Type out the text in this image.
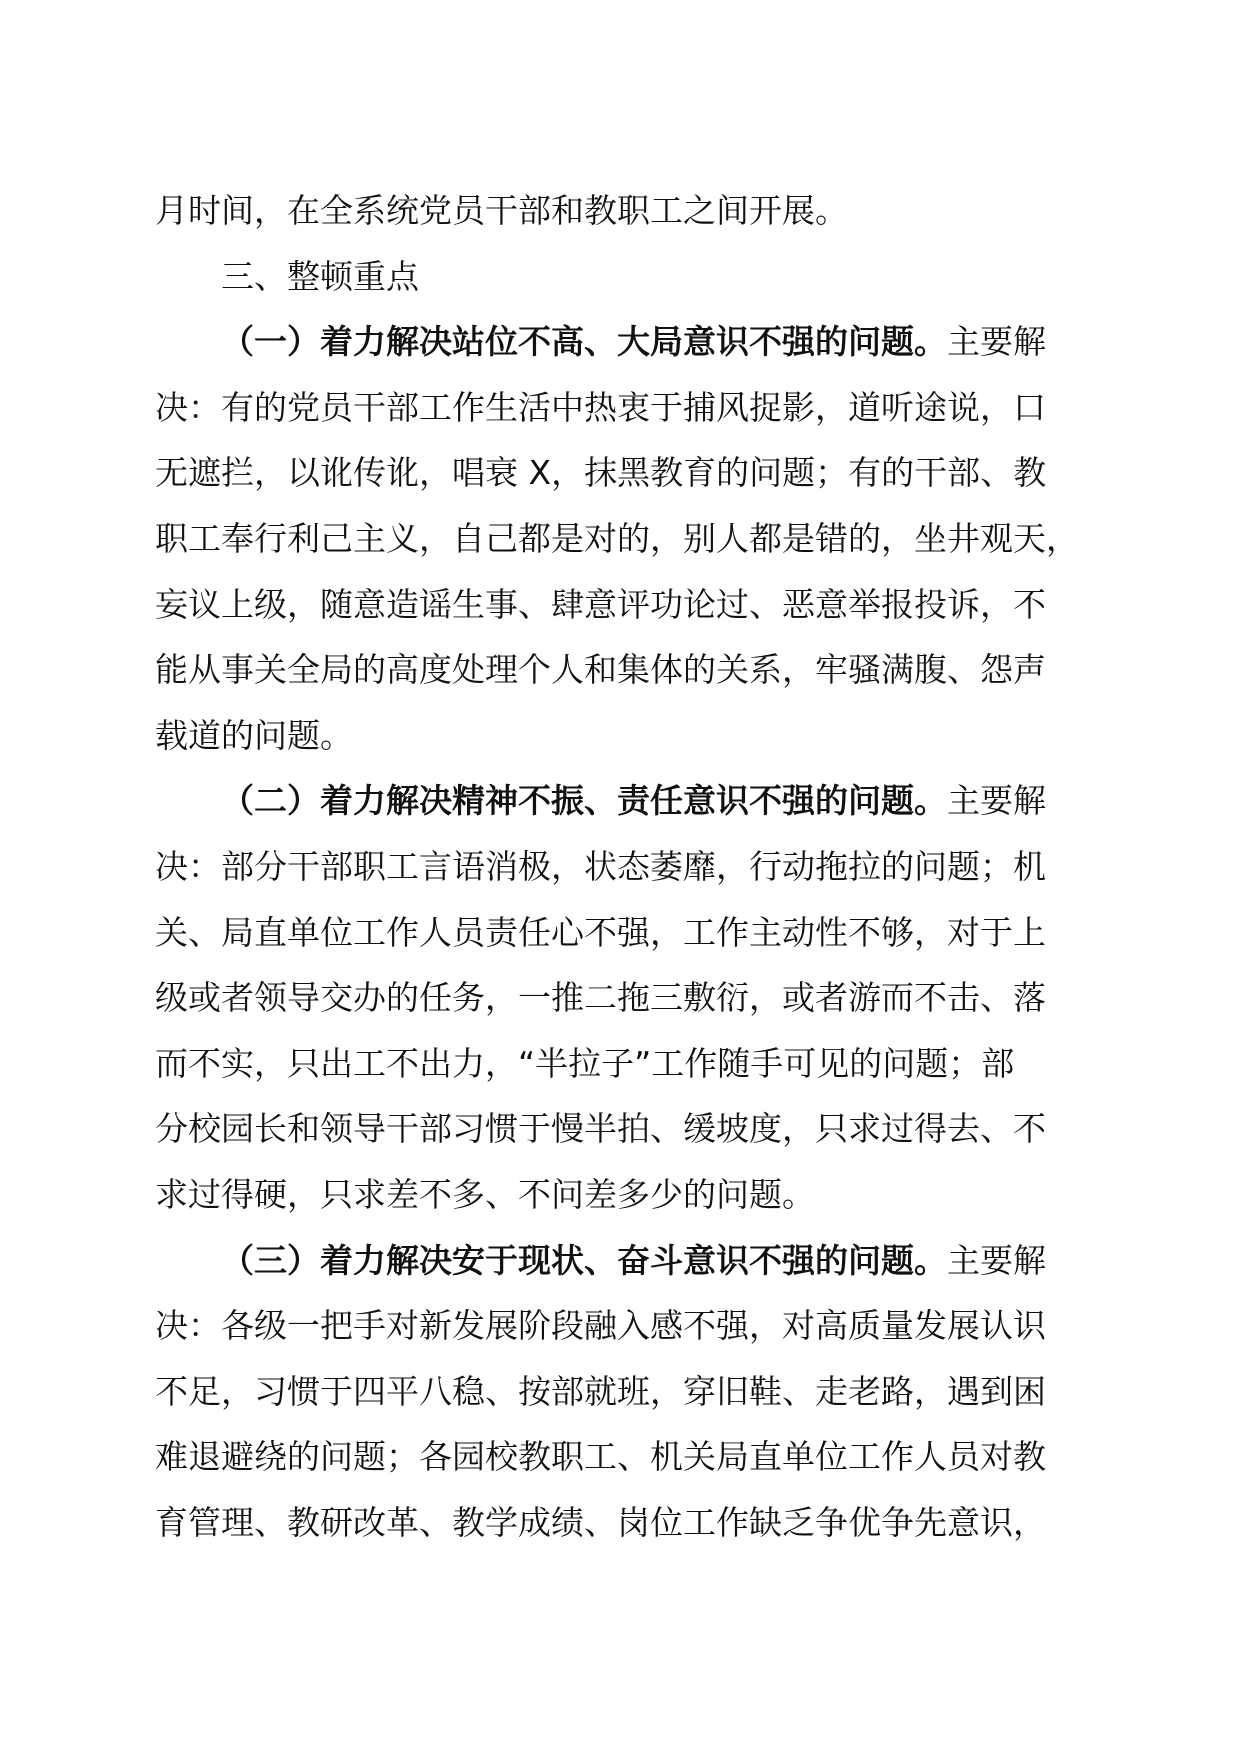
月时间，在全系统党员干部和教职工之间开展。
三、整顿重点
（一）着力解决站位不高、大局意识不强的问题。主要解
决：有的党员干部工作生活中热衷于捕风捉影，道听途说，口
无遮拦，以讹传讹，唱衰 X，抹黑教育的问题；有的干部、教
职工奉行利己主义，自己都是对的，别人都是错的，坐井观天，
妄议上级，随意造谣生事、肆意评功论过、恶意举报投诉，不
能从事关全局的高度处理个人和集体的关系，牢骚满腹、怨声
载道的问题。
（二）着力解决精神不振、责任意识不强的问题。主要解
决：部分干部职工言语消极，状态萎靡，行动拖拉的问题；机
关、局直单位工作人员责任心不强，工作主动性不够，对于上
级或者领导交办的任务，一推二拖三敷衍，或者游而不击、落
而不实，只出工不出力，“半拉子”工作随手可见的问题；部
分校园长和领导干部习惯于慢半拍、缓坡度，只求过得去、不
求过得硬，只求差不多、不问差多少的问题。
（三）着力解决安于现状、奋斗意识不强的问题。主要解
决：各级一把手对新发展阶段融入感不强，对高质量发展认识
不足，习惯于四平八稳、按部就班，穿旧鞋、走老路，遇到困
难退避绕的问题；各园校教职工、机关局直单位工作人员对教
育管理、教研改革、教学成绩、岗位工作缺乏争优争先意识，
